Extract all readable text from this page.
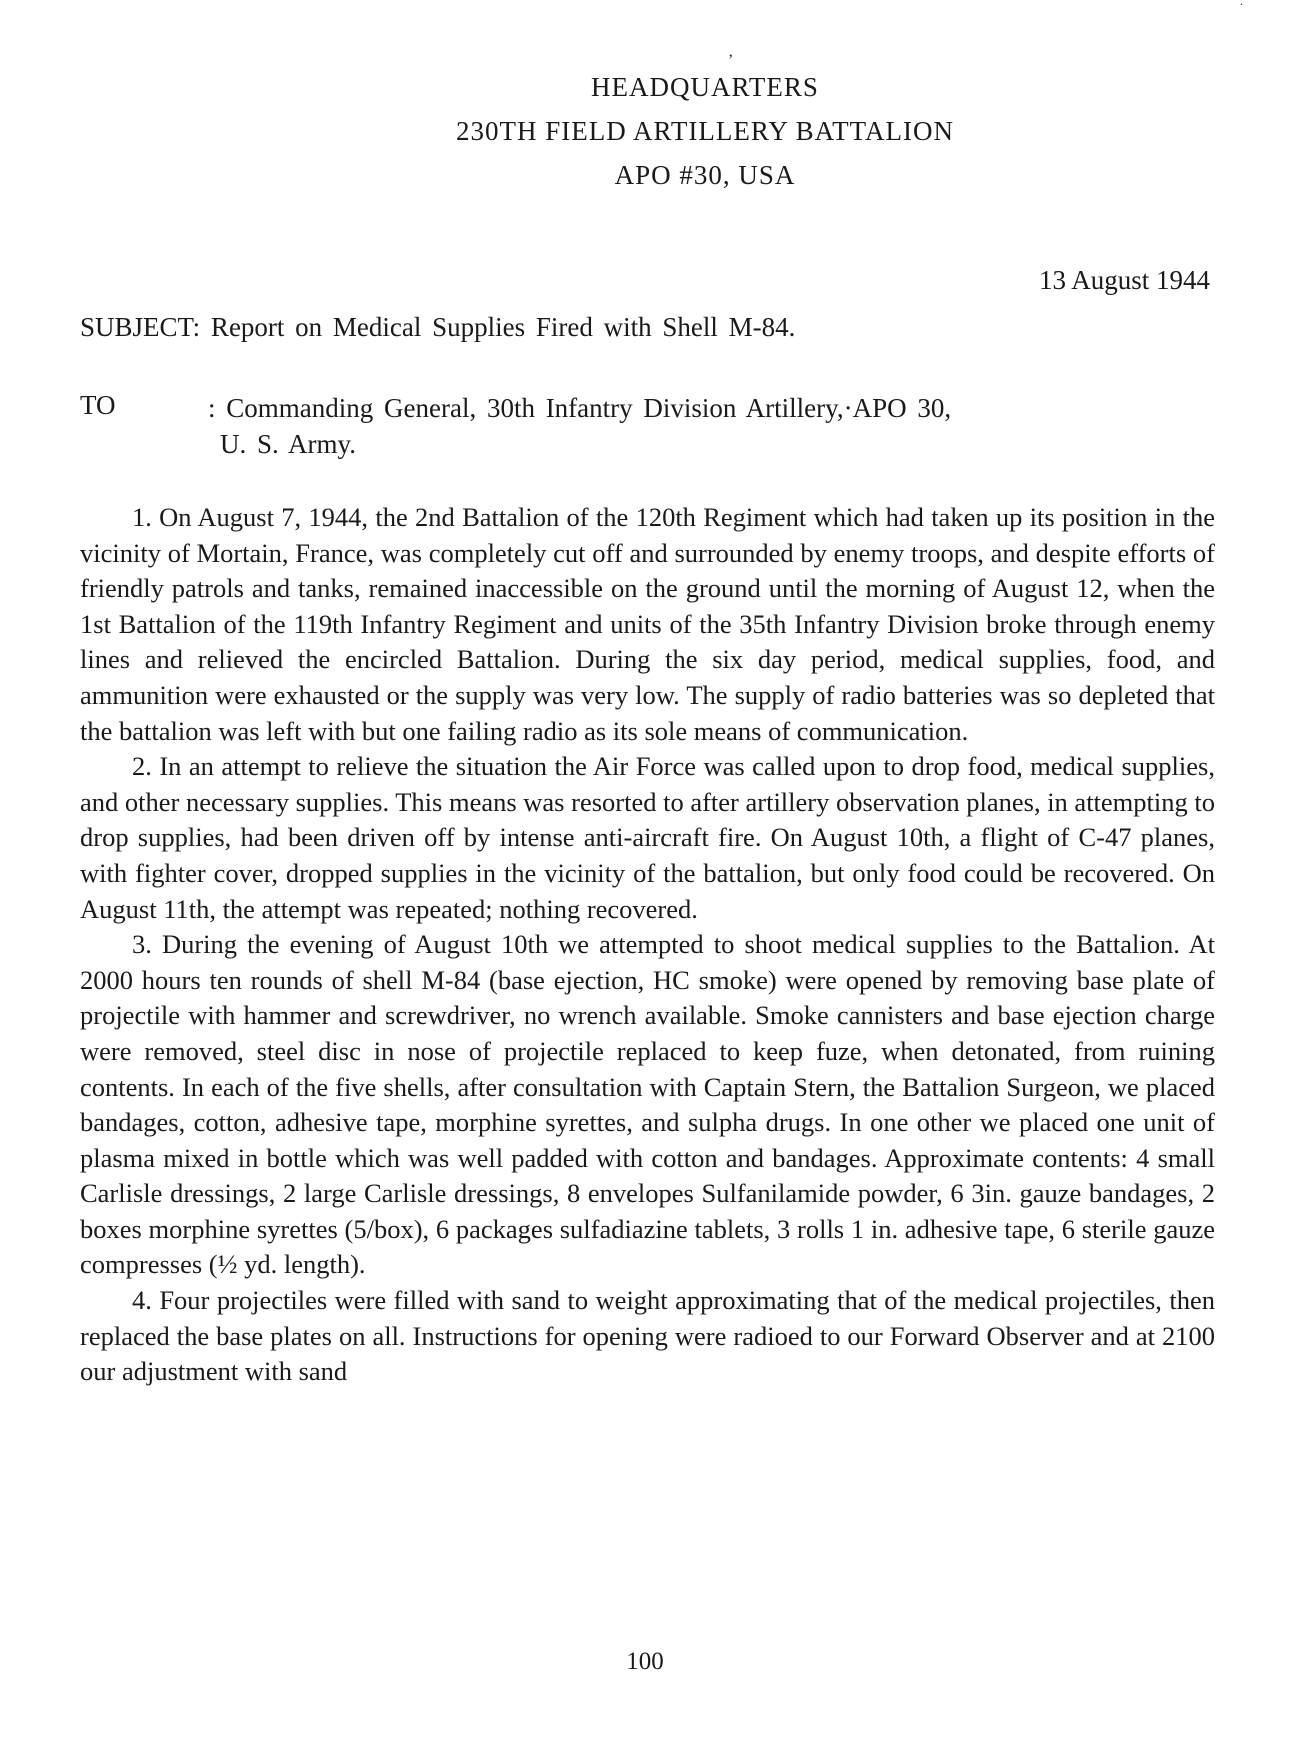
’
.
HEADQUARTERS
230TH FIELD ARTILLERY BATTALION
APO #30, USA
13 August 1944
SUBJECT: Report on Medical Supplies Fired with Shell M-84.
TO	: Commanding General, 30th Infantry Division Artillery,·APO 30,
U. S. Army.

1. On August 7, 1944, the 2nd Battalion of the 120th Regiment which had taken up its position in the vicinity of Mortain, France, was completely cut off and surrounded by enemy troops, and despite efforts of friendly patrols and tanks, remained inaccessible on the ground until the morning of August 12, when the 1st Battalion of the 119th Infantry Regiment and units of the 35th Infantry Division broke through enemy lines and relieved the encircled Battalion. During the six day period, medical supplies, food, and ammunition were exhausted or the supply was very low. The supply of radio batteries was so depleted that the battalion was left with but one failing radio as its sole means of communication.

2. In an attempt to relieve the situation the Air Force was called upon to drop food, medical supplies, and other necessary supplies. This means was resorted to after artillery observation planes, in attempting to drop supplies, had been driven off by intense anti-aircraft fire. On August 10th, a flight of C-47 planes, with fighter cover, dropped supplies in the vicinity of the battalion, but only food could be recovered. On August 11th, the attempt was repeated; nothing recovered.

3. During the evening of August 10th we attempted to shoot medical supplies to the Battalion. At 2000 hours ten rounds of shell M-84 (base ejection, HC smoke) were opened by removing base plate of projectile with hammer and screwdriver, no wrench available. Smoke cannisters and base ejection charge were removed, steel disc in nose of projectile replaced to keep fuze, when detonated, from ruining contents. In each of the five shells, after consultation with Captain Stern, the Battalion Surgeon, we placed bandages, cotton, adhesive tape, morphine syrettes, and sulpha drugs. In one other we placed one unit of plasma mixed in bottle which was well padded with cotton and bandages. Approximate contents: 4 small Carlisle dressings, 2 large Carlisle dressings, 8 envelopes Sulfanilamide powder, 6 3in. gauze bandages, 2 boxes morphine syrettes (5/box), 6 packages sulfadiazine tablets, 3 rolls 1 in. adhesive tape, 6 sterile gauze compresses (½ yd. length).

4. Four projectiles were filled with sand to weight approximating that of the medical projectiles, then replaced the base plates on all. Instructions for opening were radioed to our Forward Observer and at 2100 our adjustment with sand

100
